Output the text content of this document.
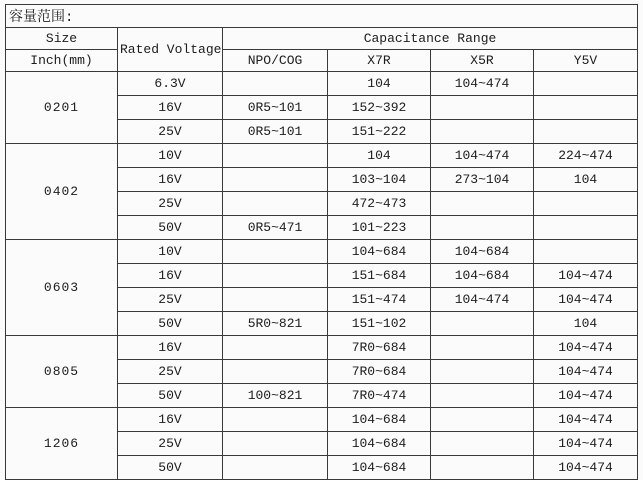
容量范围:					
Size	Rated Voltage	Capacitance Range			
Inch(mm)		NPO/COG	X7R	X5R	Y5V
0201	6.3V		104	104~474	
	16V	0R5~101	152~392		
	25V	0R5~101	151~222		
0402	10V		104	104~474	224~474
	16V		103~104	273~104	104
	25V		472~473		
	50V	0R5~471	101~223		
0603	10V		104~684	104~684	
	16V		151~684	104~684	104~474
	25V		151~474	104~474	104~474
	50V	5R0~821	151~102		104
0805	16V		7R0~684		104~474
	25V		7R0~684		104~474
	50V	100~821	7R0~474		104~474
1206	16V		104~684		104~474
	25V		104~684		104~474
	50V		104~684		104~474
